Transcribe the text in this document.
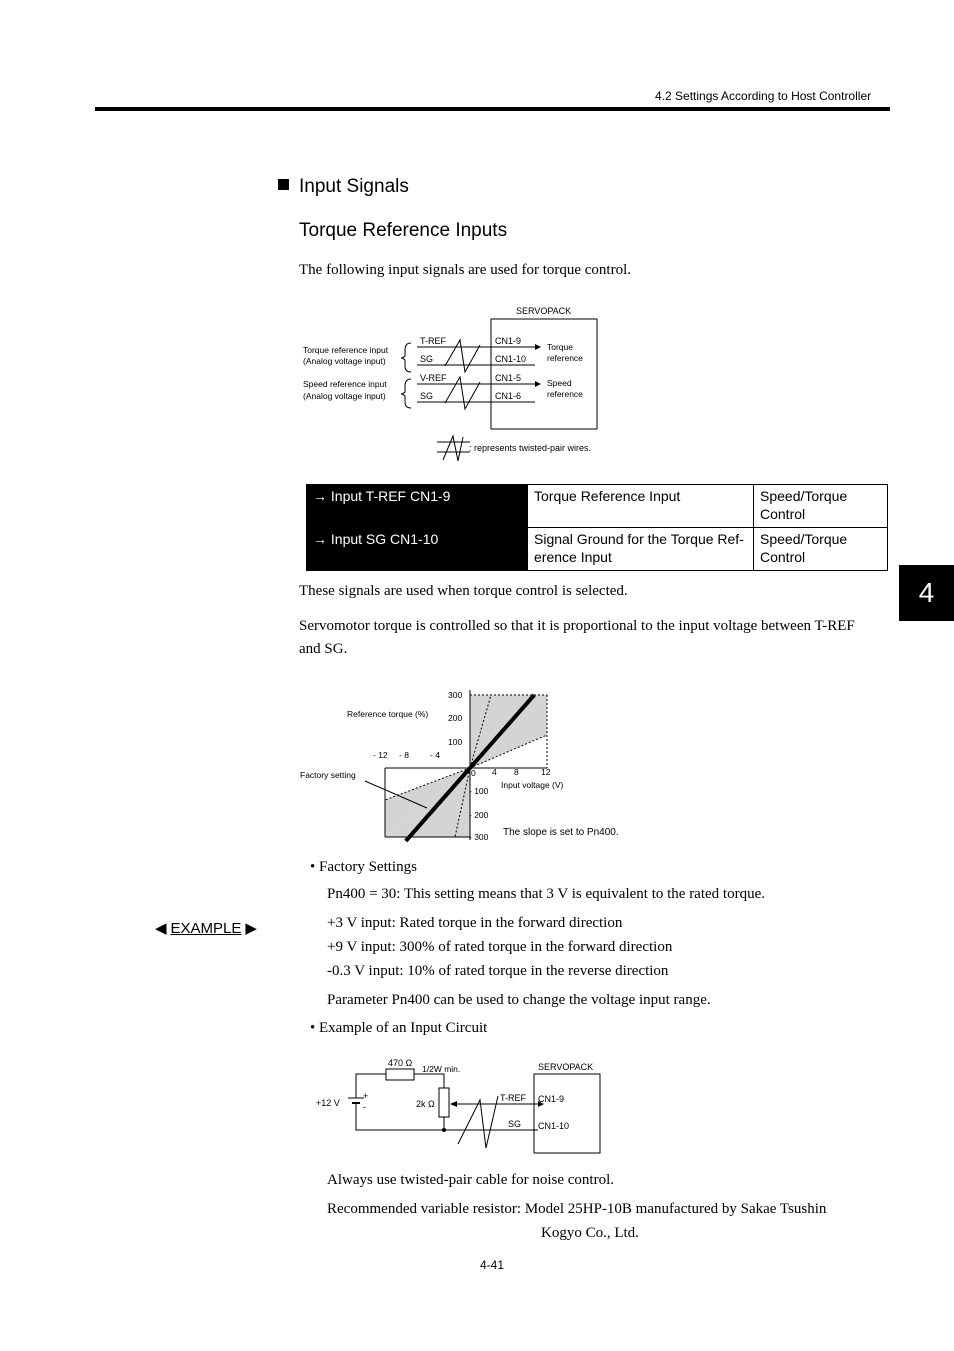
4.2 Settings According to Host Controller
Input Signals
Torque Reference Inputs
The following input signals are used for torque control.
SERVOPACK
Torque reference input
(Analog voltage input)
Speed reference input
(Analog voltage input)
T-REF
SG
V-REF
SG
CN1-9
CN1-10
CN1-5
CN1-6
Torque
reference
Speed
reference
: represents twisted-pair wires.
→ Input T-REF CN1-9	Torque Reference Input	Speed/Torque
Control
→ Input SG CN1-10	Signal Ground for the Torque Ref-
erence Input	Speed/Torque
Control
4
These signals are used when torque control is selected.
Servomotor torque is controlled so that it is proportional to the input voltage between T-REF
and SG.
Reference torque (%)
Input voltage (V)
Factory setting
The slope is set to Pn400.
- 12 - 8 - 4
0 4 8	12
300
200
100
- 100
- 200
- 300
• Factory Settings
Pn400 = 30: This setting means that 3 V is equivalent to the rated torque.
◀ EXAMPLE ▶	+3 V input: Rated torque in the forward direction
+9 V input: 300% of rated torque in the forward direction
-0.3 V input: 10% of rated torque in the reverse direction
Parameter Pn400 can be used to change the voltage input range.
• Example of an Input Circuit
470 Ω
1/2W min.	SERVOPACK
+
-
+12 V	2k Ω
T-REF
SG
CN1-9
CN1-10
Always use twisted-pair cable for noise control.
Recommended variable resistor: Model 25HP-10B manufactured by Sakae Tsushin
Kogyo Co., Ltd.
4-41
